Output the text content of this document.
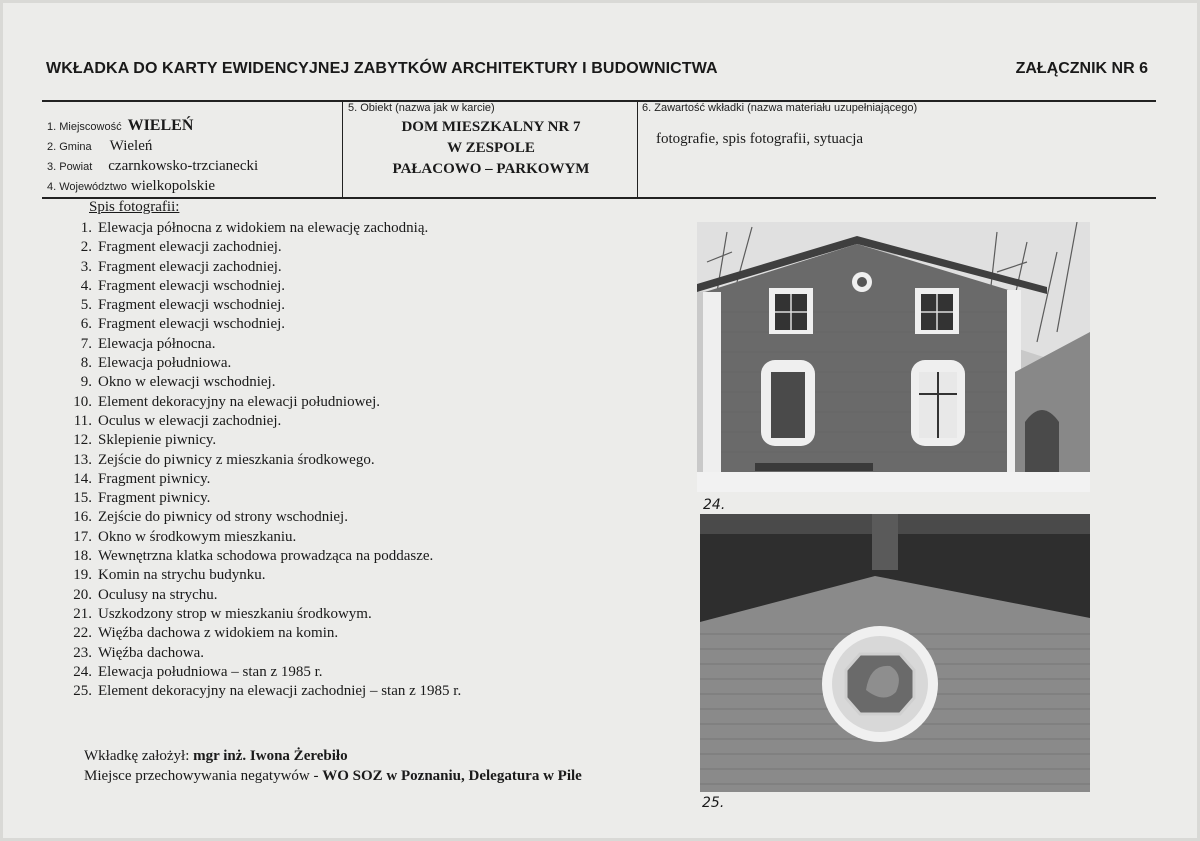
WKŁADKA DO KARTY EWIDENCYJNEJ ZABYTKÓW ARCHITEKTURY I BUDOWNICTWA	ZAŁĄCZNIK NR 6
1. Miejscowość WIELEŃ
2. Gmina Wieleń
3. Powiat czarnkowsko-trzcianecki
4. Województwo wielkopolskie
5. Obiekt (nazwa jak w karcie)
DOM MIESZKALNY NR 7
W ZESPOLE
PAŁACOWO – PARKOWYM
6. Zawartość wkładki (nazwa materiału uzupełniającego)
fotografie, spis fotografii, sytuacja
Spis fotografii:
1. Elewacja północna z widokiem na elewację zachodnią.
2. Fragment elewacji zachodniej.
3. Fragment elewacji zachodniej.
4. Fragment elewacji wschodniej.
5. Fragment elewacji wschodniej.
6. Fragment elewacji wschodniej.
7. Elewacja północna.
8. Elewacja południowa.
9. Okno w elewacji wschodniej.
10. Element dekoracyjny na elewacji południowej.
11. Oculus w elewacji zachodniej.
12. Sklepienie piwnicy.
13. Zejście do piwnicy z mieszkania środkowego.
14. Fragment piwnicy.
15. Fragment piwnicy.
16. Zejście do piwnicy od strony wschodniej.
17. Okno w środkowym mieszkaniu.
18. Wewnętrzna klatka schodowa prowadząca na poddasze.
19. Komin na strychu budynku.
20. Oculusy na strychu.
21. Uszkodzony strop w mieszkaniu środkowym.
22. Więźba dachowa z widokiem na komin.
23. Więźba dachowa.
24. Elewacja południowa – stan z 1985 r.
25. Element dekoracyjny na elewacji zachodniej – stan z 1985 r.
Wkładkę założył: mgr inż. Iwona Żerebiło
Miejsce przechowywania negatywów - WO SOZ w Poznaniu, Delegatura w Pile
24.
25.
